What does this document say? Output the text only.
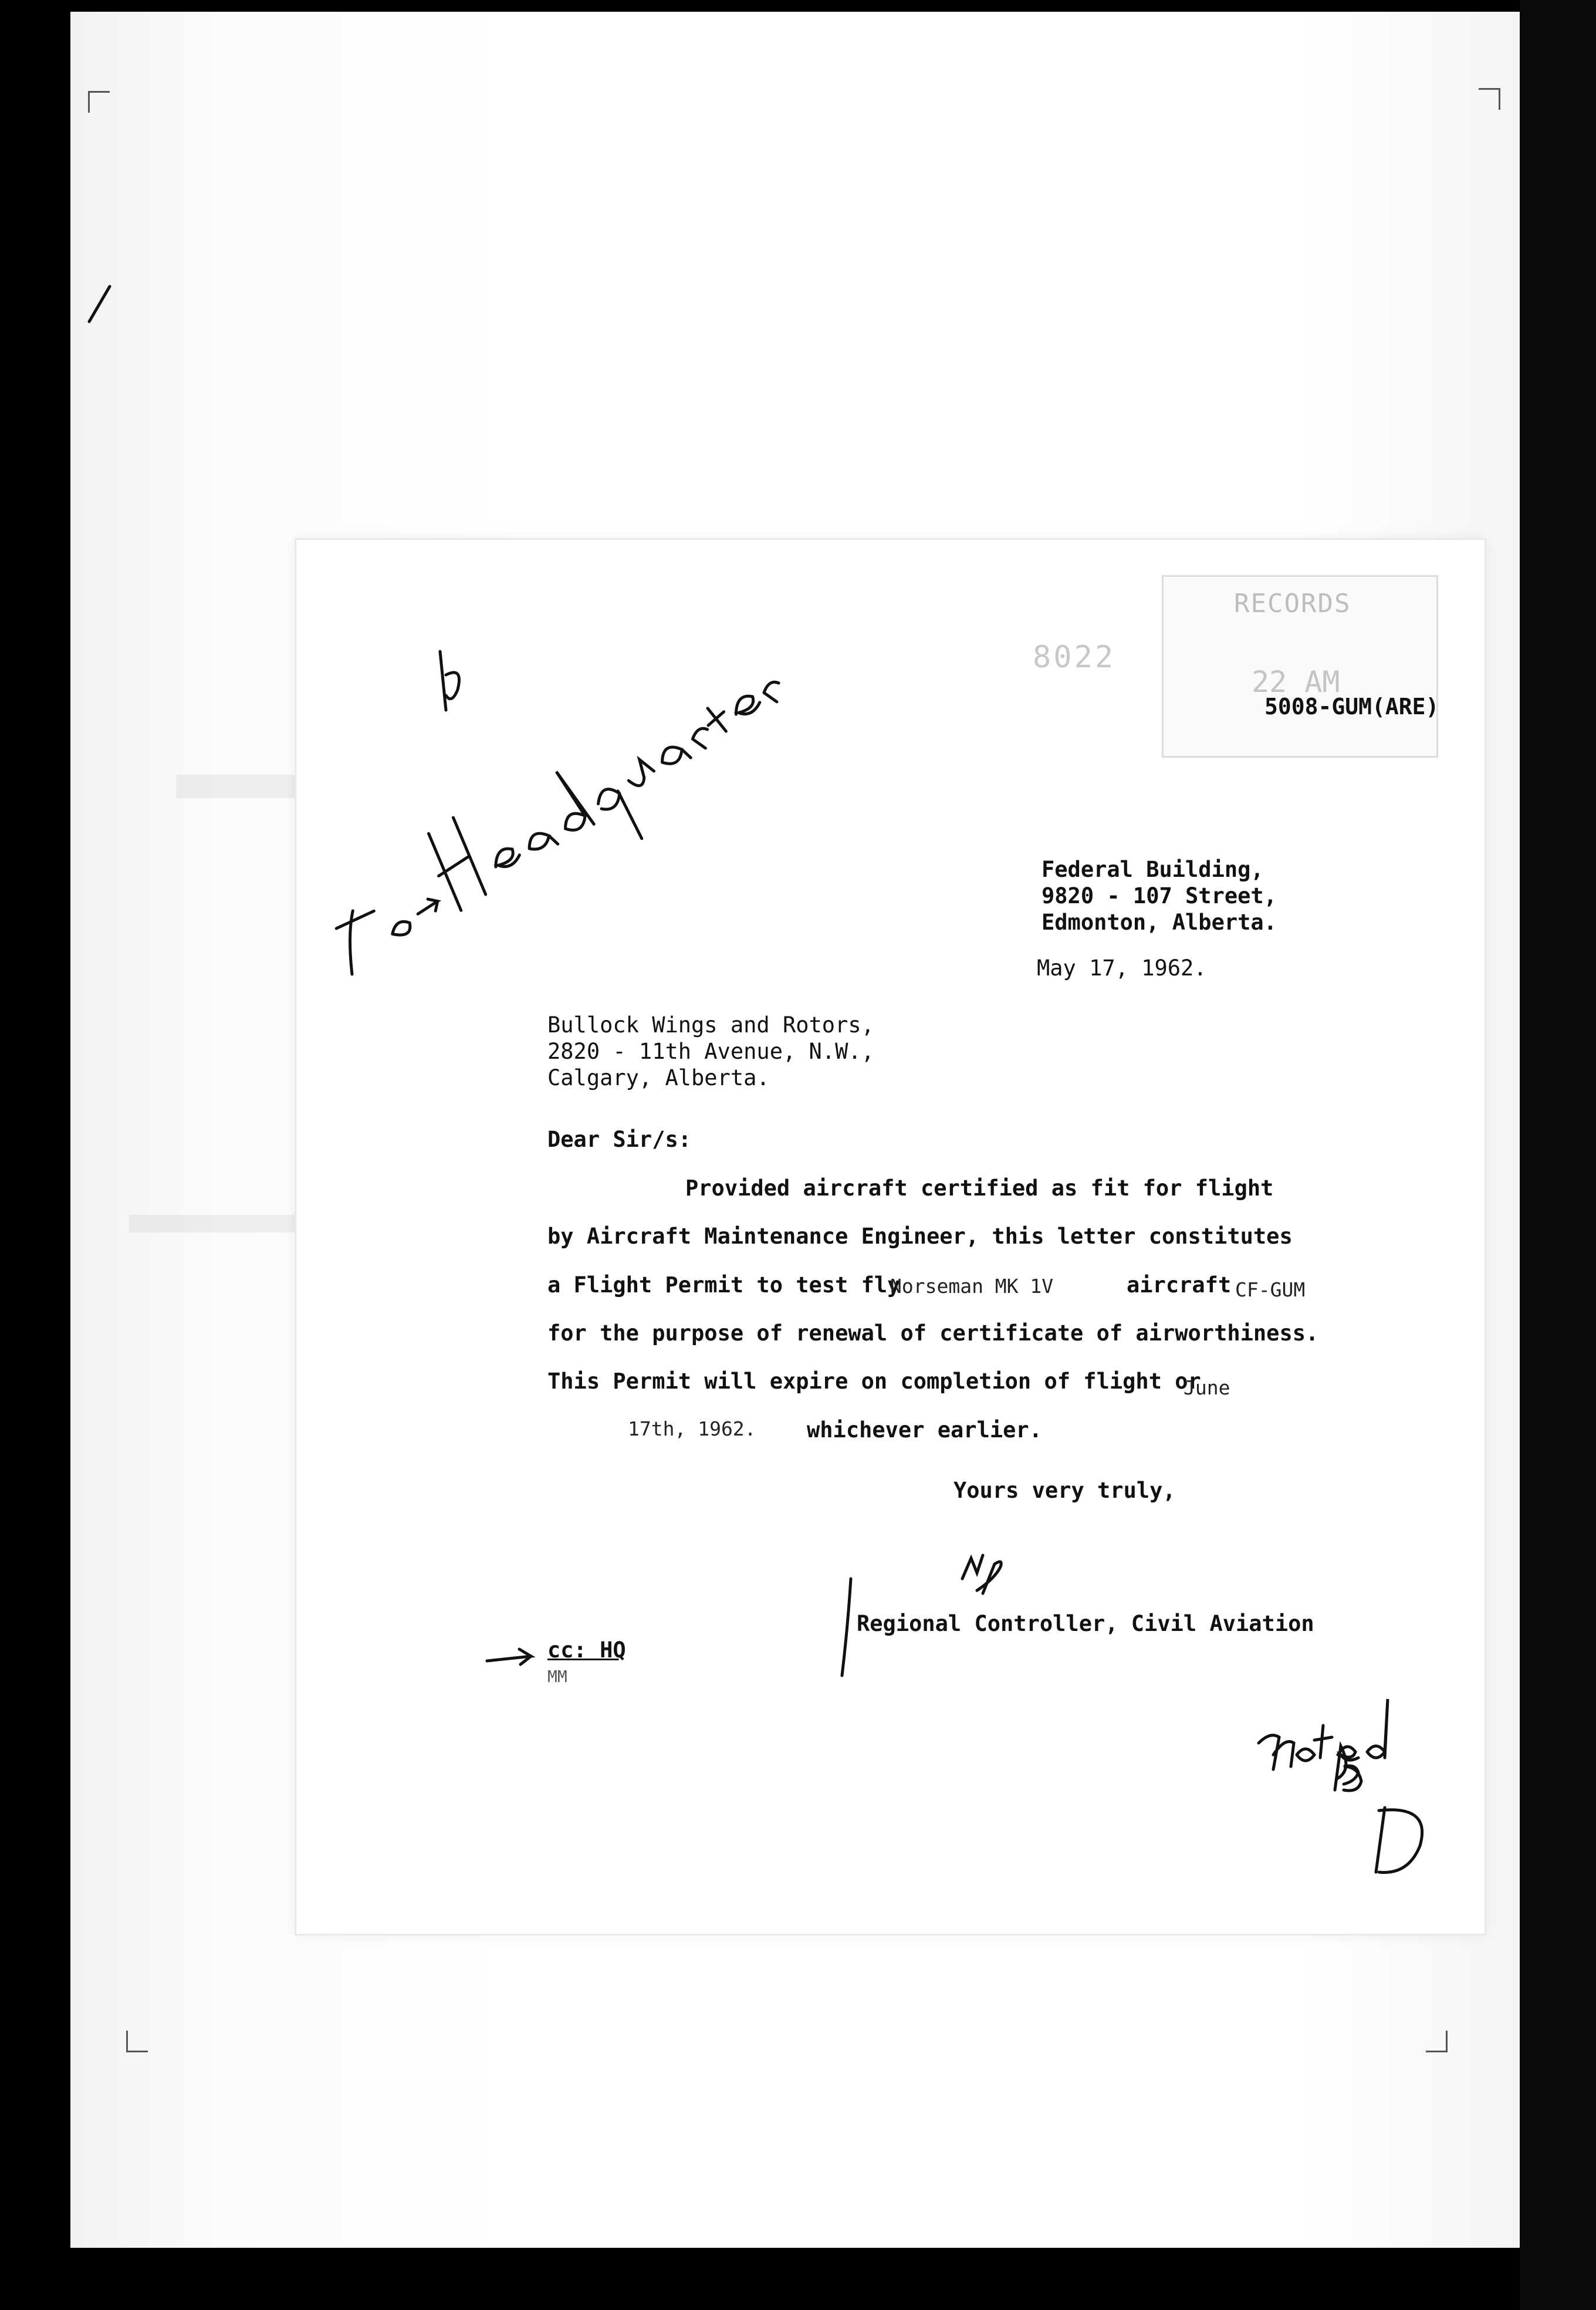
RECORDS
22 AM
8022
5008-GUM(ARE)
Federal Building,
9820 - 107 Street,
Edmonton, Alberta.
May 17, 1962.
Bullock Wings and Rotors,
2820 - 11th Avenue, N.W.,
Calgary, Alberta.
Dear Sir/s:
Provided aircraft certified as fit for flight
by Aircraft Maintenance Engineer, this letter constitutes
a Flight Permit to test fly
Norseman MK 1V	aircraft CF-GUM
for the purpose of renewal of certificate of airworthiness.
This Permit will expire on completion of flight or
June
17th, 1962. whichever earlier.
Yours very truly,
Regional Controller, Civil Aviation
cc: HQ
MM
